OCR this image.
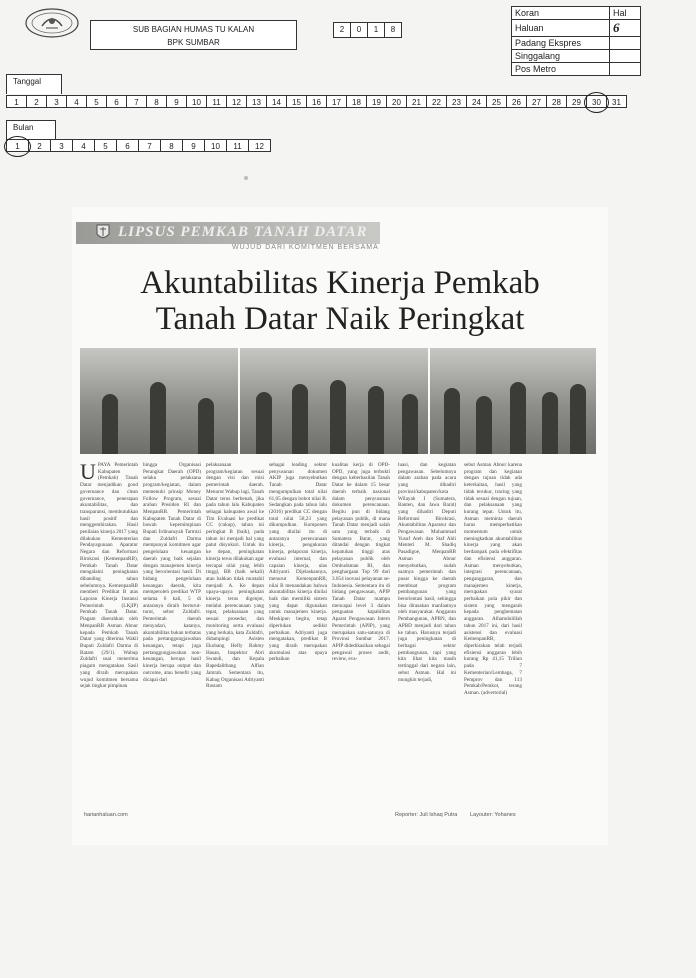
SUB BAGIAN HUMAS TU KALAN
BPK SUMBAR
2	0	1	8
Koran	Hal
Haluan	6
Padang Ekspres	
Singgalang	
Pos Metro	
Tanggal
1	2	3	4	5	6	7	8	9	10	11	12	13	14	15	16	17	18	19	20	21	22	23	24	25	26	27	28	29	30	31
Bulan
1	2	3	4	5	6	7	8	9	10	11	12
LIPSUS PEMKAB TANAH DATAR
WUJUD DARI KOMITMEN BERSAMA
Akuntabilitas Kinerja Pemkab
Tanah Datar Naik Peringkat
UPAYA Pemerintah Kabupaten (Pemkab) Tanah Datar menjadikan good governance dan clean governance, penerapan akuntabilitas, dan transparansi, membutuhkan hasil positif dan menggembirakan. Hasil penilaian kinerja 2017 yang dilakukan Kementerian Pendayagunaan Aparatur Negara dan Reformasi Birokrasi (KemenpanRB), Pemkab Tanah Datar mengalami peningkatan dibanding tahun sebelumnya. KemenpanRB memberi Predikat B atas Laporan Kinerja Instansi Pemerintah (LKjIP) Pemkab Tanah Datar. Piagam diserahkan oleh MenpanRB Asman Abnur kepada Pemkab Tanah Datar yang diterima Wakil Bupati Zuldafri Darma di Batam (29/1). Wabup Zuldafri usai menerima piagam mengatakan Sasil yang diraih merupakan wujud komitmen bersama sejak tingkat pimpinan
hingga Organisasi Perangkat Daerah (OPD) selaku pelaksana program/kegiatan, dalam memenuhi prinsip Money Follow Program, sesuai arahan Presiden RI dan MenpanRB. Pemerintah Kabupaten Tanah Datar di bawah kepemimpinan Bupati Irdinansyah Tarmizi dan Zuldafri Darma mempunyai komitmen agar pengelolaan keuangan daerah yang baik sejalan dengan manajemen kinerja yang berorientasi hasil. Di bidang pengelolaan keuangan daerah, kita memperoleh predikat WTP selama 6 kali, 5 di antaranya diraih berturut-turut, sebut Zuldafri. Pemerintah daerah menyadari, katanya, akuntabilitas bukan terbatas pada pertanggungjawaban keuangan, tetapi juga pertanggungjawaban non-keuangan, berupa hasil kinerja berupa output dan outcome, atau benefit yang dicapai dari
pelaksanaan program/kegiatan sesuai dengan visi dan misi pemerintah daerah. Menurut Wabup lagi, Tanah Datar terus berbenah, jika pada tahun lalu Kabupaten sebagai kabupaten awal ke Tim Evaluasi ke predikat CC (cukup), tahun ini peringkat B (baik), pada tahun ini menjadi hal yang patut disyukuri. Untuk itu ke depan, peningkatan kinerja terus dilakukan agar tercapai nilai yang lebih tinggi, BB (baik sekali) atau bahkan tidak mustahil menjadi A. Ke depan upaya-upaya peningkatan kinerja terus digenjot, melalui perencanaan yang tepat, pelaksanaan yang sesuai prosedur, dan monitoring serta evaluasi yang berkala, kata Zuldafri, didampingi Asisten Ekobang Hefly Rahmy Hasan, Inspektur Abri Swandi, dan Kepala Bapedalitbang Alfian Jamrah. Sementara itu, Kabag Organisasi Adriyanti Rustam
sebagai leading sektor penyusunan dokumen AKIP juga menyebutkan Tanah Datar mengumpulkan total nilai 61,05 dengan bobot nilai B. Sedangkan pada tahun lalu (2016) predikat CC dengan total nilai 58,23 yang dikumpulkan. Komponen yang dinilai itu di antaranya perencanaan kinerja, pengukuran kinerja, pelaporan kinerja, evaluasi internal, dan capaian kinerja, ulas Adriyanti. Dijelaskannya, menurut KemenpanRB, nilai B menandakan bahwa akuntabilitas kinerja dinilai baik dan memiliki sistem yang dapat digunakan untuk manajemen kinerja. Meskipun begitu, tetap diperlukan sedikit perbaikan. Adriyanti juga mengatakan, predikat B yang diraih merupakan akumulasi atas upaya perbaikan
kualitas kerja di OPD-OPD, yang juga terbukti dengan keberhasilan Tanah Datar ke dalam 15 besar daerah terbaik nasional dalam penyusunan dokumen perencanaan. Begitu pun di bidang pelayanan publik, di mana Tanah Datar menjadi salah satu yang terbaik di Sumatera Barat, yang ditandai dengan tingkat kepatuhan tinggi atas pelayanan publik oleh Ombudsman RI, dan penghargaan Top 99 dari 3.054 inovasi pelayanan se-Indonesia. Sementara itu di bidang pengawasan, APIP Tanah Datar mampu mencapai level 3 dalam penguatan kapabilitas Aparat Pengawasan Intern Pemerintah (APIP), yang merupakan satu-satunya di Provinsi Sumbar 2017. APIP didedikasikan sebagai pengawal proses audit, review, eva-
luasi, dan kegiatan pengawasan. Sebelumnya dalam arahan pada acara yang dihadiri provinsi/kabupaten/kota Wilayah I (Sumatera, Banten, dan Jawa Barat) yang dihadiri Deputi Reformasi Birokrasi, Akuntabilitas Aparatur dan Pengawasan Muhammad Yusuf Ateh dan Staf Ahli Menteri M. Shadiq Pasadigoe, MenpanRB Asman Abnur menyebutkan, sudah saatnya pemerintah dan pusat hingga ke daerah membuat program pembangunan yang berorientasi hasil, sehingga bisa dirasakan manfaatnya oleh masyarakat. Anggaran Pembangunan, APBN, dan APBD menjadi dari tahun ke tahun. Harusnya terjadi juga peningkatan di berbagai sektor pembangunan, tapi yang kita lihat kita masih tertinggal dari negara lain, sebut Asman. Hal ini mungkin terjadi,
sebut Asman Abnur karena program dan kegiatan dengan tujuan tidak ada keterkaitan, hasil yang tidak terukur, tracing yang tidak sesuai dengan tujuan, dan pelaksanaan yang kurang tepat. Untuk itu, Asman meminta daerah harus memperhatikan momentum untuk meningkatkan akuntabilitas kinerja yang akan berdampak pada efektifitas dan efisiensi anggaran. Asman menyebutkan, integrasi perencanaan, penganggaran, dan manajemen kinerja, merupakan syarat perbaikan pola pikir dan sistem yang mengarah kepada penghematan anggaran. Alhamdulillah tahun 2017 ini, dari hasil asistensi dan evaluasi KemenpanRB, diperkirakan telah terjadi efisiensi anggaran lebih kurang Rp 41,15 Triliun pada 7 Kementerian/Lembaga, 7 Pemprov dan 113 Pemkab/Pemkot, terang Asman. (advertorial)
harianhaluan.com	Reporter: Juli Ishaq Putra Layouter: Yohanes
